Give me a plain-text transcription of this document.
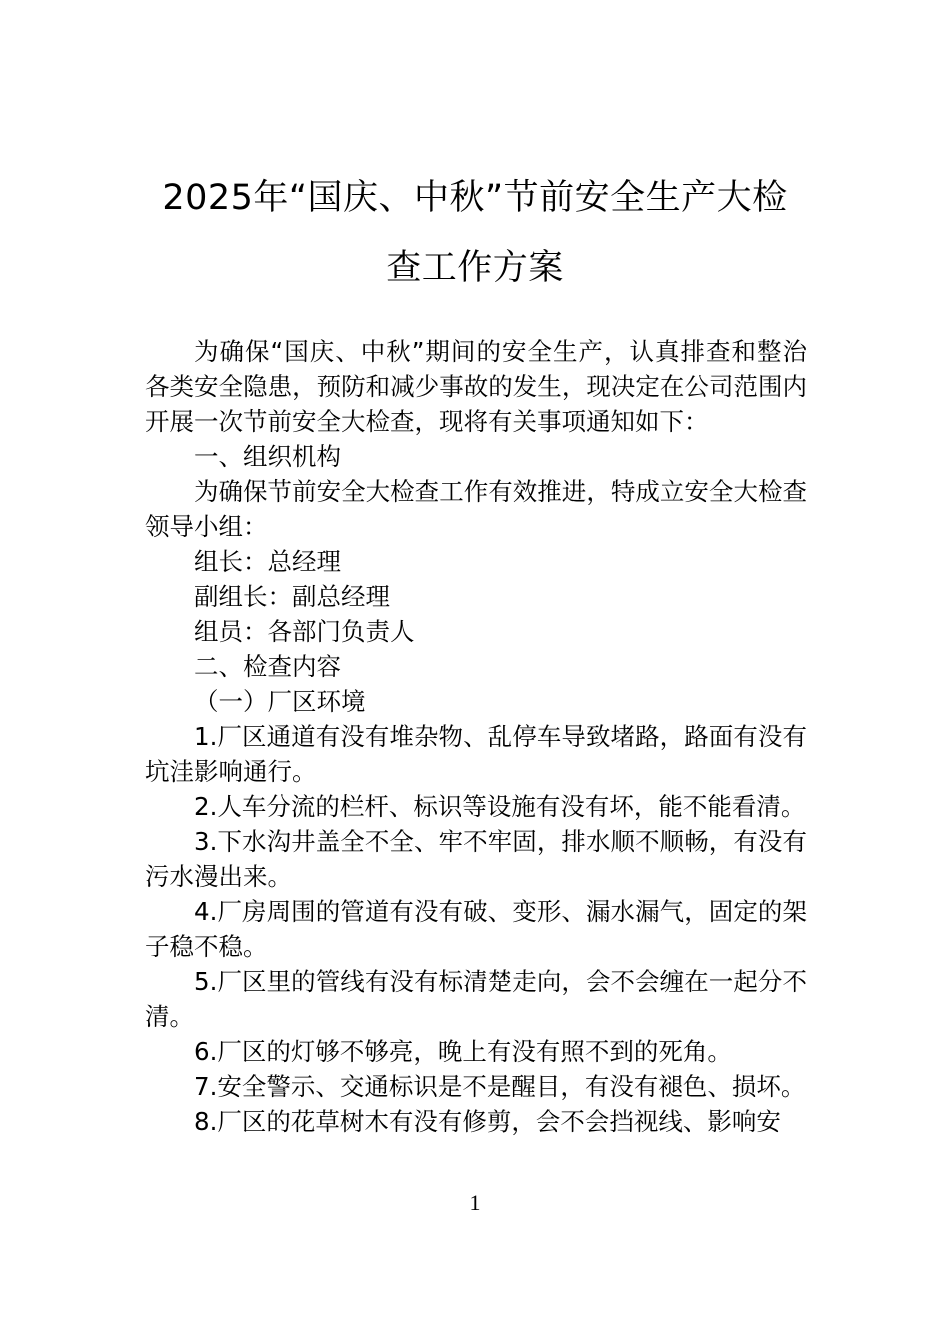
2025年“国庆、中秋”节前安全生产大检
查工作方案

为确保“国庆、中秋”期间的安全生产，认真排查和整治各类安全隐患，预防和减少事故的发生，现决定在公司范围内开展一次节前安全大检查，现将有关事项通知如下：

一、组织机构

为确保节前安全大检查工作有效推进，特成立安全大检查领导小组：

组长：总经理

副组长：副总经理

组员：各部门负责人

二、检查内容

（一）厂区环境

1.厂区通道有没有堆杂物、乱停车导致堵路，路面有没有坑洼影响通行。

2.人车分流的栏杆、标识等设施有没有坏，能不能看清。

3.下水沟井盖全不全、牢不牢固，排水顺不顺畅，有没有污水漫出来。

4.厂房周围的管道有没有破、变形、漏水漏气，固定的架子稳不稳。

5.厂区里的管线有没有标清楚走向，会不会缠在一起分不清。

6.厂区的灯够不够亮，晚上有没有照不到的死角。

7.安全警示、交通标识是不是醒目，有没有褪色、损坏。

8.厂区的花草树木有没有修剪，会不会挡视线、影响安

1
